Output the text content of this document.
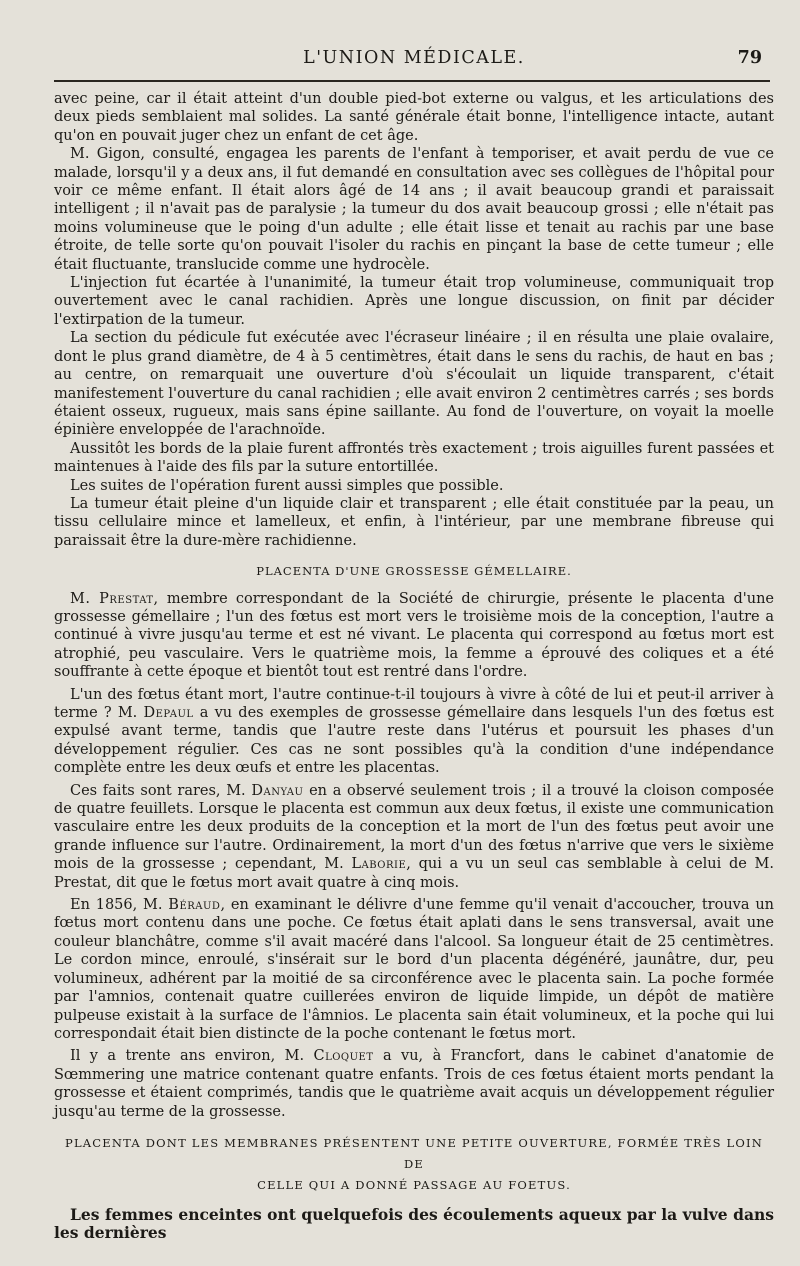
L'UNION MÉDICALE.	79

avec peine, car il était atteint d'un double pied-bot externe ou valgus, et les articulations des deux pieds semblaient mal solides. La santé générale était bonne, l'intelligence intacte, autant qu'on en pouvait juger chez un enfant de cet âge.

M. Gigon, consulté, engagea les parents de l'enfant à temporiser, et avait perdu de vue ce malade, lorsqu'il y a deux ans, il fut demandé en consultation avec ses collègues de l'hôpital pour voir ce même enfant. Il était alors âgé de 14 ans ; il avait beaucoup grandi et paraissait intelligent ; il n'avait pas de paralysie ; la tumeur du dos avait beaucoup grossi ; elle n'était pas moins volumineuse que le poing d'un adulte ; elle était lisse et tenait au rachis par une base étroite, de telle sorte qu'on pouvait l'isoler du rachis en pinçant la base de cette tumeur ; elle était fluctuante, translucide comme une hydrocèle.

L'injection fut écartée à l'unanimité, la tumeur était trop volumineuse, communiquait trop ouvertement avec le canal rachidien. Après une longue discussion, on finit par décider l'extirpation de la tumeur.

La section du pédicule fut exécutée avec l'écraseur linéaire ; il en résulta une plaie ovalaire, dont le plus grand diamètre, de 4 à 5 centimètres, était dans le sens du rachis, de haut en bas ; au centre, on remarquait une ouverture d'où s'écoulait un liquide transparent, c'était manifestement l'ouverture du canal rachidien ; elle avait environ 2 centimètres carrés ; ses bords étaient osseux, rugueux, mais sans épine saillante. Au fond de l'ouverture, on voyait la moelle épinière enveloppée de l'arachnoïde.

Aussitôt les bords de la plaie furent affrontés très exactement ; trois aiguilles furent passées et maintenues à l'aide des fils par la suture entortillée.

Les suites de l'opération furent aussi simples que possible.

La tumeur était pleine d'un liquide clair et transparent ; elle était constituée par la peau, un tissu cellulaire mince et lamelleux, et enfin, à l'intérieur, par une membrane fibreuse qui paraissait être la dure-mère rachidienne.

PLACENTA D'UNE GROSSESSE GÉMELLAIRE.

M. Prestat, membre correspondant de la Société de chirurgie, présente le placenta d'une grossesse gémellaire ; l'un des fœtus est mort vers le troisième mois de la conception, l'autre a continué à vivre jusqu'au terme et est né vivant. Le placenta qui correspond au fœtus mort est atrophié, peu vasculaire. Vers le quatrième mois, la femme a éprouvé des coliques et a été souffrante à cette époque et bientôt tout est rentré dans l'ordre.

L'un des fœtus étant mort, l'autre continue-t-il toujours à vivre à côté de lui et peut-il arriver à terme ? M. Depaul a vu des exemples de grossesse gémellaire dans lesquels l'un des fœtus est expulsé avant terme, tandis que l'autre reste dans l'utérus et poursuit les phases d'un développement régulier. Ces cas ne sont possibles qu'à la condition d'une indépendance complète entre les deux œufs et entre les placentas.

Ces faits sont rares, M. Danyau en a observé seulement trois ; il a trouvé la cloison composée de quatre feuillets. Lorsque le placenta est commun aux deux fœtus, il existe une communication vasculaire entre les deux produits de la conception et la mort de l'un des fœtus peut avoir une grande influence sur l'autre. Ordinairement, la mort d'un des fœtus n'arrive que vers le sixième mois de la grossesse ; cependant, M. Laborie, qui a vu un seul cas semblable à celui de M. Prestat, dit que le fœtus mort avait quatre à cinq mois.

En 1856, M. Béraud, en examinant le délivre d'une femme qu'il venait d'accoucher, trouva un fœtus mort contenu dans une poche. Ce fœtus était aplati dans le sens transversal, avait une couleur blanchâtre, comme s'il avait macéré dans l'alcool. Sa longueur était de 25 centimètres. Le cordon mince, enroulé, s'insérait sur le bord d'un placenta dégénéré, jaunâtre, dur, peu volumineux, adhérent par la moitié de sa circonférence avec le placenta sain. La poche formée par l'amnios, contenait quatre cuillerées environ de liquide limpide, un dépôt de matière pulpeuse existait à la surface de l'âmnios. Le placenta sain était volumineux, et la poche qui lui correspondait était bien distincte de la poche contenant le fœtus mort.

Il y a trente ans environ, M. Cloquet a vu, à Francfort, dans le cabinet d'anatomie de Sœmmering une matrice contenant quatre enfants. Trois de ces fœtus étaient morts pendant la grossesse et étaient comprimés, tandis que le quatrième avait acquis un développement régulier jusqu'au terme de la grossesse.

PLACENTA DONT LES MEMBRANES PRÉSENTENT UNE PETITE OUVERTURE, FORMÉE TRÈS LOIN DE
CELLE QUI A DONNÉ PASSAGE AU FOETUS.
Les femmes enceintes ont quelquefois des écoulements aqueux par la vulve dans les dernières
